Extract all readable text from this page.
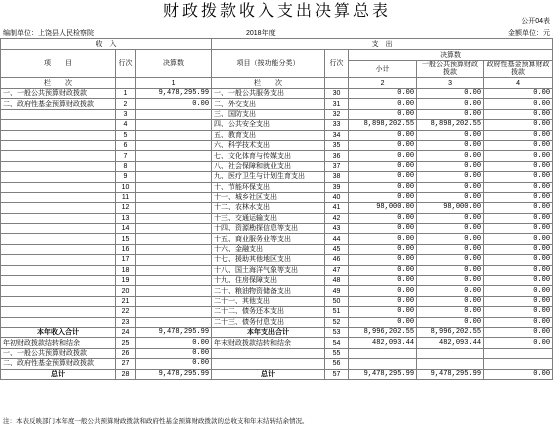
财政拨款收入支出决算总表
公开04表
编制单位：上饶县人民检察院	2018年度	金额单位：元
收　入			支　出				
项　　目	行次	决算数	项目（按功能分类）	行次	决算数		
					小计	一般公共预算财政拨款	政府性基金预算财政拨款
栏　　次		1	栏　　次		2	3	4
一、一般公共预算财政拨款	1	9,478,295.99	一、一般公共服务支出	30	0.00	0.00	0.00
二、政府性基金预算财政拨款	2	0.00	二、外交支出	31	0.00	0.00	0.00
	3		三、国防支出	32	0.00	0.00	0.00
	4		四、公共安全支出	33	8,898,202.55	8,898,202.55	0.00
	5		五、教育支出	34	0.00	0.00	0.00
	6		六、科学技术支出	35	0.00	0.00	0.00
	7		七、文化体育与传媒支出	36	0.00	0.00	0.00
	8		八、社会保障和就业支出	37	0.00	0.00	0.00
	9		九、医疗卫生与计划生育支出	38	0.00	0.00	0.00
	10		十、节能环保支出	39	0.00	0.00	0.00
	11		十一、城乡社区支出	40	0.00	0.00	0.00
	12		十二、农林水支出	41	98,000.00	98,000.00	0.00
	13		十三、交通运输支出	42	0.00	0.00	0.00
	14		十四、资源勘探信息等支出	43	0.00	0.00	0.00
	15		十五、商业服务业等支出	44	0.00	0.00	0.00
	16		十六、金融支出	45	0.00	0.00	0.00
	17		十七、援助其他地区支出	46	0.00	0.00	0.00
	18		十八、国土海洋气象等支出	47	0.00	0.00	0.00
	19		十九、住房保障支出	48	0.00	0.00	0.00
	20		二十、粮油物资储备支出	49	0.00	0.00	0.00
	21		二十一、其他支出	50	0.00	0.00	0.00
	22		二十二、债务还本支出	51	0.00	0.00	0.00
	23		二十三、债务付息支出	52	0.00	0.00	0.00
本年收入合计	24	9,478,295.99	本年支出合计	53	8,996,202.55	8,996,202.55	0.00
年初财政拨款结转和结余	25	0.00	年末财政拨款结转和结余	54	482,093.44	482,093.44	0.00
一、一般公共预算财政拨款	26	0.00		55			
二、政府性基金预算财政拨款	27	0.00		56			
总计	28	9,478,295.99	总计	57	9,478,295.99	9,478,295.99	0.00
注：本表反映部门本年度一般公共预算财政拨款和政府性基金预算财政拨款的总收支和年末结转结余情况。
